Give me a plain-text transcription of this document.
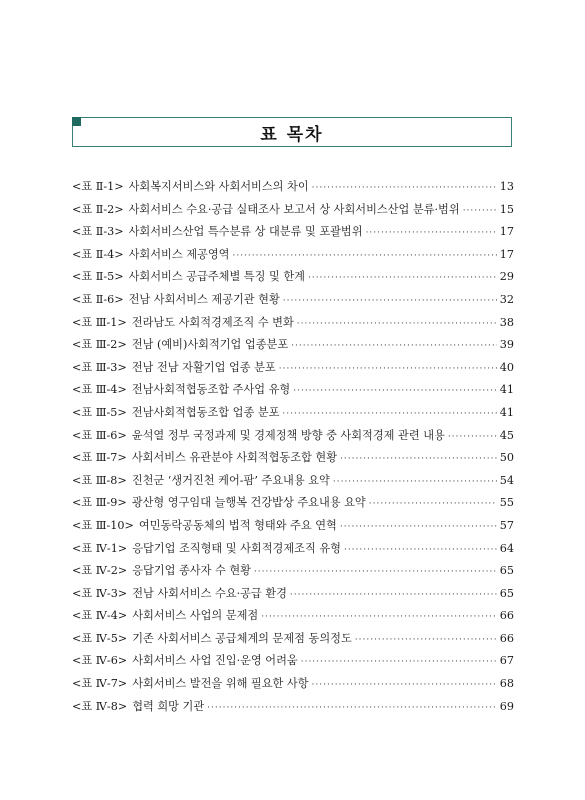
표 목차
<표 Ⅱ-1> 사회복지서비스와 사회서비스의 차이 ·····	13
<표 Ⅱ-2> 사회서비스 수요·공급 실태조사 보고서 상 사회서비스산업 분류·범위 ·····	15
<표 Ⅱ-3> 사회서비스산업 특수분류 상 대분류 및 포괄범위 ·····	17
<표 Ⅱ-4> 사회서비스 제공영역 ·····	17
<표 Ⅱ-5> 사회서비스 공급주체별 특징 및 한계 ·····	29
<표 Ⅱ-6> 전남 사회서비스 제공기관 현황 ·····	32
<표 Ⅲ-1> 전라남도 사회적경제조직 수 변화 ·····	38
<표 Ⅲ-2> 전남 (예비)사회적기업 업종분포 ·····	39
<표 Ⅲ-3> 전남 전남 자활기업 업종 분포 ·····	40
<표 Ⅲ-4> 전남사회적협동조합 주사업 유형 ·····	41
<표 Ⅲ-5> 전남사회적협동조합 업종 분포 ·····	41
<표 Ⅲ-6> 윤석열 정부 국정과제 및 경제정책 방향 중 사회적경제 관련 내용 ·····	45
<표 Ⅲ-7> 사회서비스 유관분야 사회적협동조합 현황 ·····	50
<표 Ⅲ-8> 진천군 ‘생거진천 케어-팜’ 주요내용 요약 ·····	54
<표 Ⅲ-9> 광산형 영구임대 늘행복 건강밥상 주요내용 요약 ·····	55
<표 Ⅲ-10> 여민동락공동체의 법적 형태와 주요 연혁 ·····	57
<표 Ⅳ-1> 응답기업 조직형태 및 사회적경제조직 유형 ·····	64
<표 Ⅳ-2> 응답기업 종사자 수 현황 ·····	65
<표 Ⅳ-3> 전남 사회서비스 수요·공급 환경 ·····	65
<표 Ⅳ-4> 사회서비스 사업의 문제점 ·····	66
<표 Ⅳ-5> 기존 사회서비스 공급체계의 문제점 동의정도 ·····	66
<표 Ⅳ-6> 사회서비스 사업 진입·운영 어려움 ·····	67
<표 Ⅳ-7> 사회서비스 발전을 위해 필요한 사항 ·····	68
<표 Ⅳ-8> 협력 희망 기관 ·····	69
